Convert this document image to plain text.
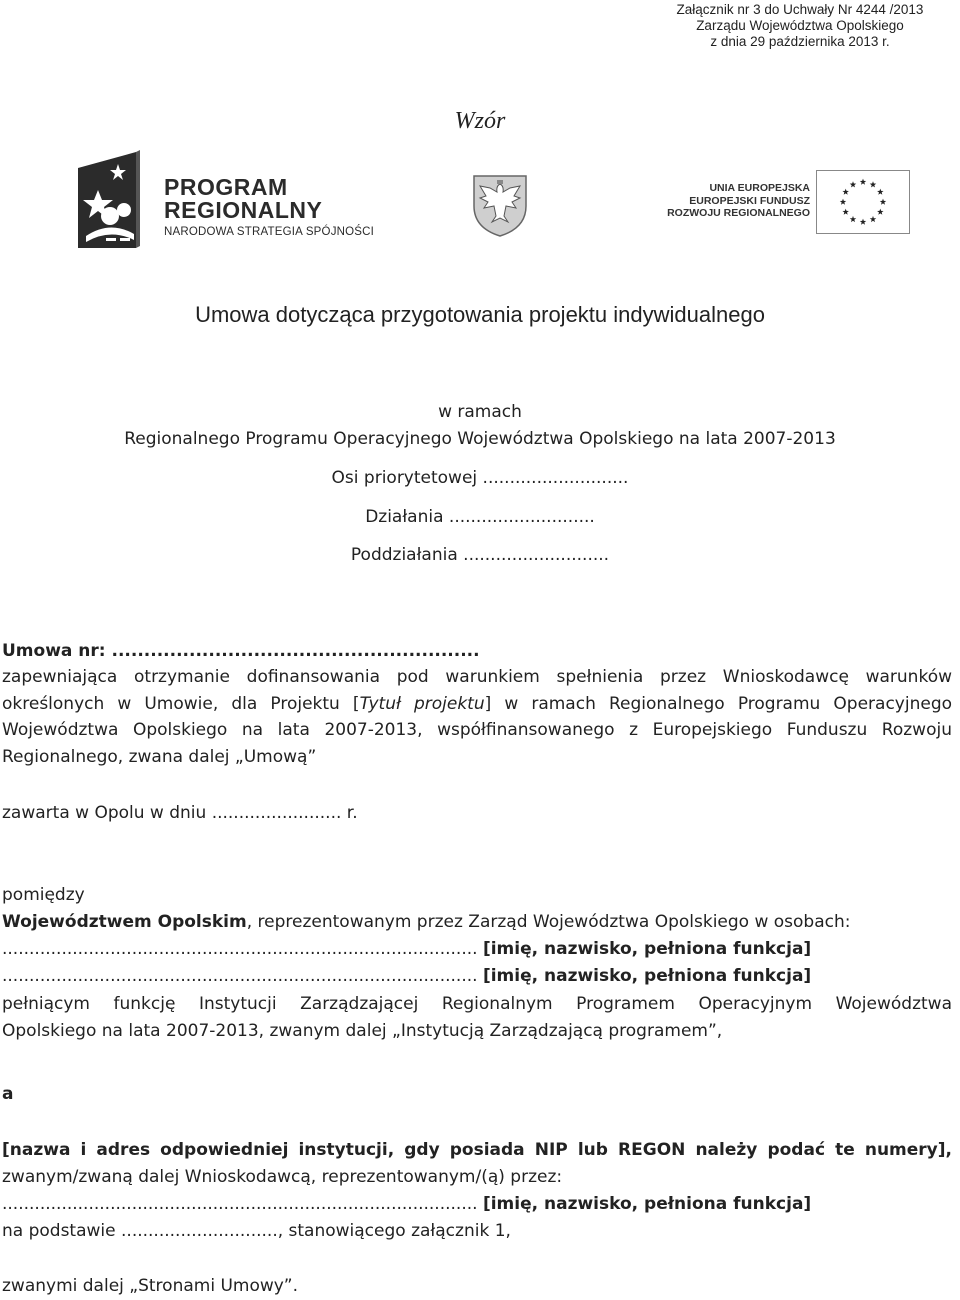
Załącznik nr 3 do Uchwały Nr 4244 /2013
Zarządu Województwa Opolskiego
z dnia 29 października 2013 r.
Wzór
PROGRAM
REGIONALNY
NARODOWA STRATEGIA SPÓJNOŚCI
UNIA EUROPEJSKA
EUROPEJSKI FUNDUSZ
ROZWOJU REGIONALNEGO
Umowa dotycząca przygotowania projektu indywidualnego
w ramach
Regionalnego Programu Operacyjnego Województwa Opolskiego na lata 2007-2013
Osi priorytetowej ...........................
Działania ...........................
Poddziałania ...........................
Umowa nr: .........................................................
zapewniająca otrzymanie dofinansowania pod warunkiem spełnienia przez Wnioskodawcę warunków
określonych w Umowie, dla Projektu [Tytuł projektu] w ramach Regionalnego Programu Operacyjnego
Województwa Opolskiego na lata 2007-2013, współfinansowanego z Europejskiego Funduszu Rozwoju
Regionalnego, zwana dalej „Umową”
zawarta w Opolu w dniu ........................ r.
pomiędzy
Województwem Opolskim, reprezentowanym przez Zarząd Województwa Opolskiego w osobach:
........................................................................................ [imię, nazwisko, pełniona funkcja]
........................................................................................ [imię, nazwisko, pełniona funkcja]
pełniącym funkcję Instytucji Zarządzającej Regionalnym Programem Operacyjnym Województwa
Opolskiego na lata 2007-2013, zwanym dalej „Instytucją Zarządzającą programem”,
a
[nazwa i adres odpowiedniej instytucji, gdy posiada NIP lub REGON należy podać te numery],
zwanym/zwaną dalej Wnioskodawcą, reprezentowanym/(ą) przez:
........................................................................................ [imię, nazwisko, pełniona funkcja]
na podstawie ............................., stanowiącego załącznik 1,
zwanymi dalej „Stronami Umowy”.
